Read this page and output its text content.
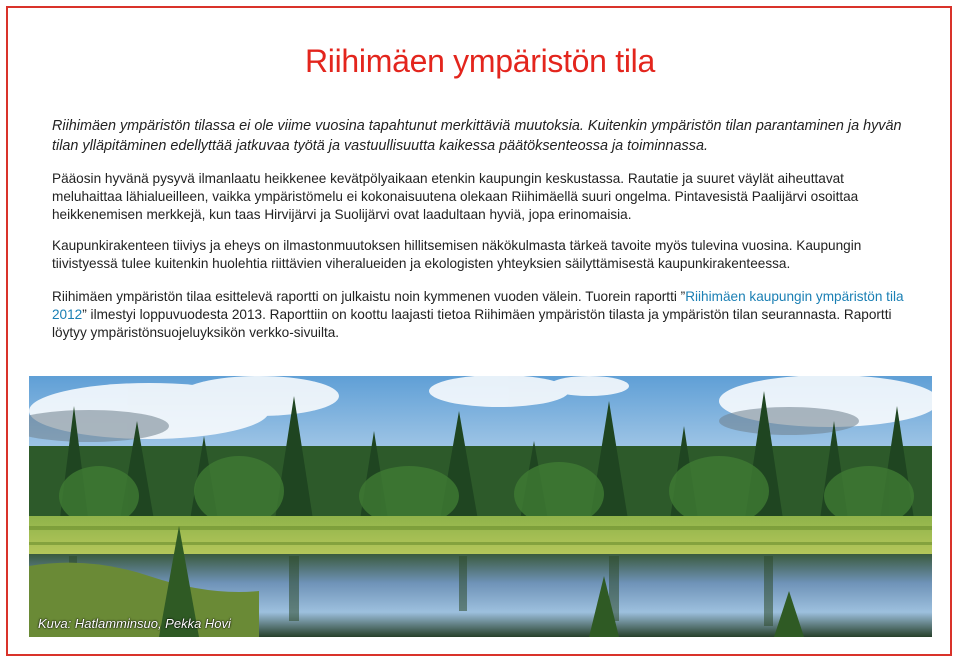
Riihimäen ympäristön tila

Riihimäen ympäristön tilassa ei ole viime vuosina tapahtunut merkittäviä muutoksia. Kuitenkin ympäristön tilan parantaminen ja hyvän tilan ylläpitäminen edellyttää jatkuvaa työtä ja vastuullisuutta kaikessa päätöksenteossa ja toiminnassa.

Pääosin hyvänä pysyvä ilmanlaatu heikkenee kevätpölyaikaan etenkin kaupungin keskustassa. Rautatie ja suuret väylät aiheuttavat meluhaittaa lähialueilleen, vaikka ympäristömelu ei kokonaisuutena olekaan Riihimäellä suuri ongelma. Pintavesistä Paalijärvi osoittaa heikkenemisen merkkejä, kun taas Hirvijärvi ja Suolijärvi ovat laadultaan hyviä, jopa erinomaisia.

Kaupunkirakenteen tiiviys ja eheys on ilmastonmuutoksen hillitsemisen näkökulmasta tärkeä tavoite myös tulevina vuosina. Kaupungin tiivistyessä tulee kuitenkin huolehtia riittävien viheralueiden ja ekologisten yhteyksien säilyttämisestä kaupunkirakenteessa.

Riihimäen ympäristön tilaa esittelevä raportti on julkaistu noin kymmenen vuoden välein. Tuorein raportti ”Riihimäen kaupungin ympäristön tila 2012” ilmestyi loppuvuodesta 2013. Raporttiin on koottu laajasti tietoa Riihimäen ympäristön tilasta ja ympäristön tilan seurannasta. Raportti löytyy ympäristönsuojeluyksikön verkko-sivuilta.

Kuva: Hatlamminsuo, Pekka Hovi
